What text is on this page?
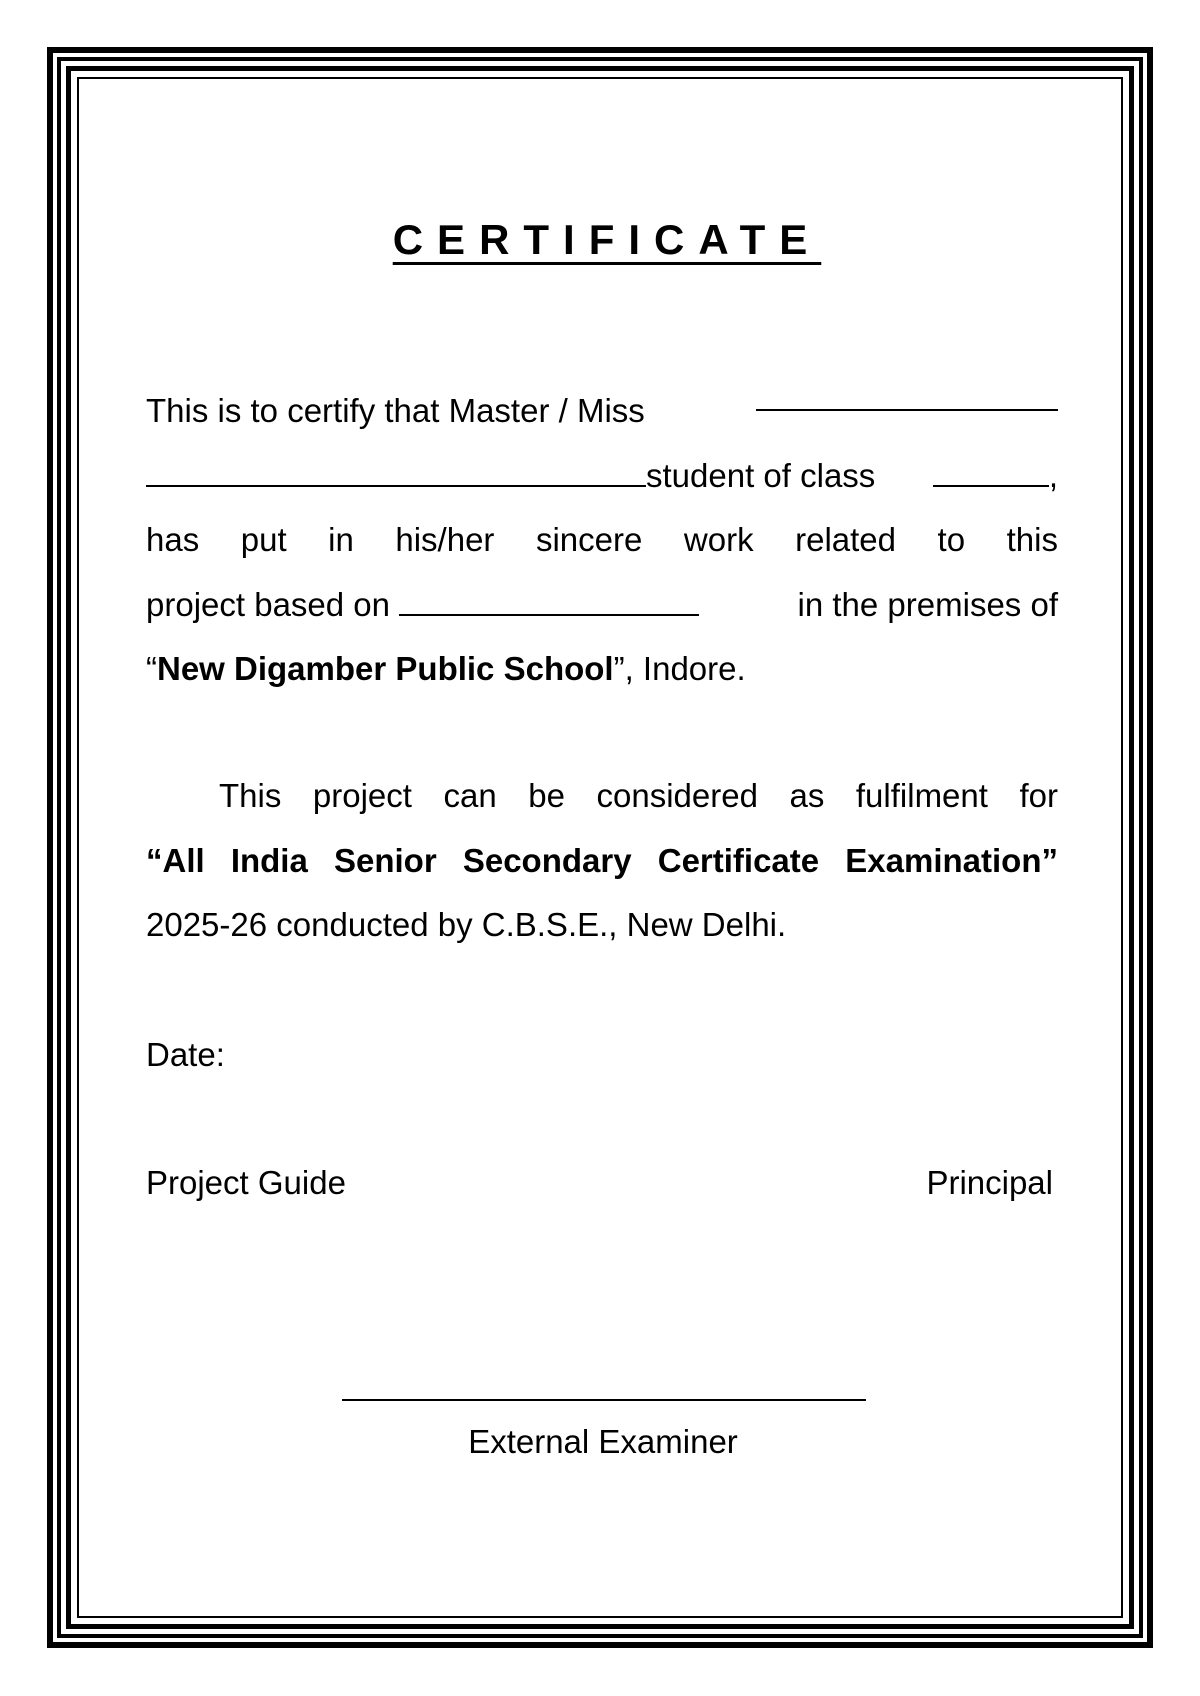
CERTIFICATE
This is to certify that Master / Miss
student of class	,
has put in his/her sincere work related to this
project based on	in the premises of
“New Digamber Public School”, Indore.
This project can be considered as fulfilment for
“All India Senior Secondary Certificate Examination”
2025-26 conducted by C.B.S.E., New Delhi.
Date:
Project Guide	Principal
External Examiner
